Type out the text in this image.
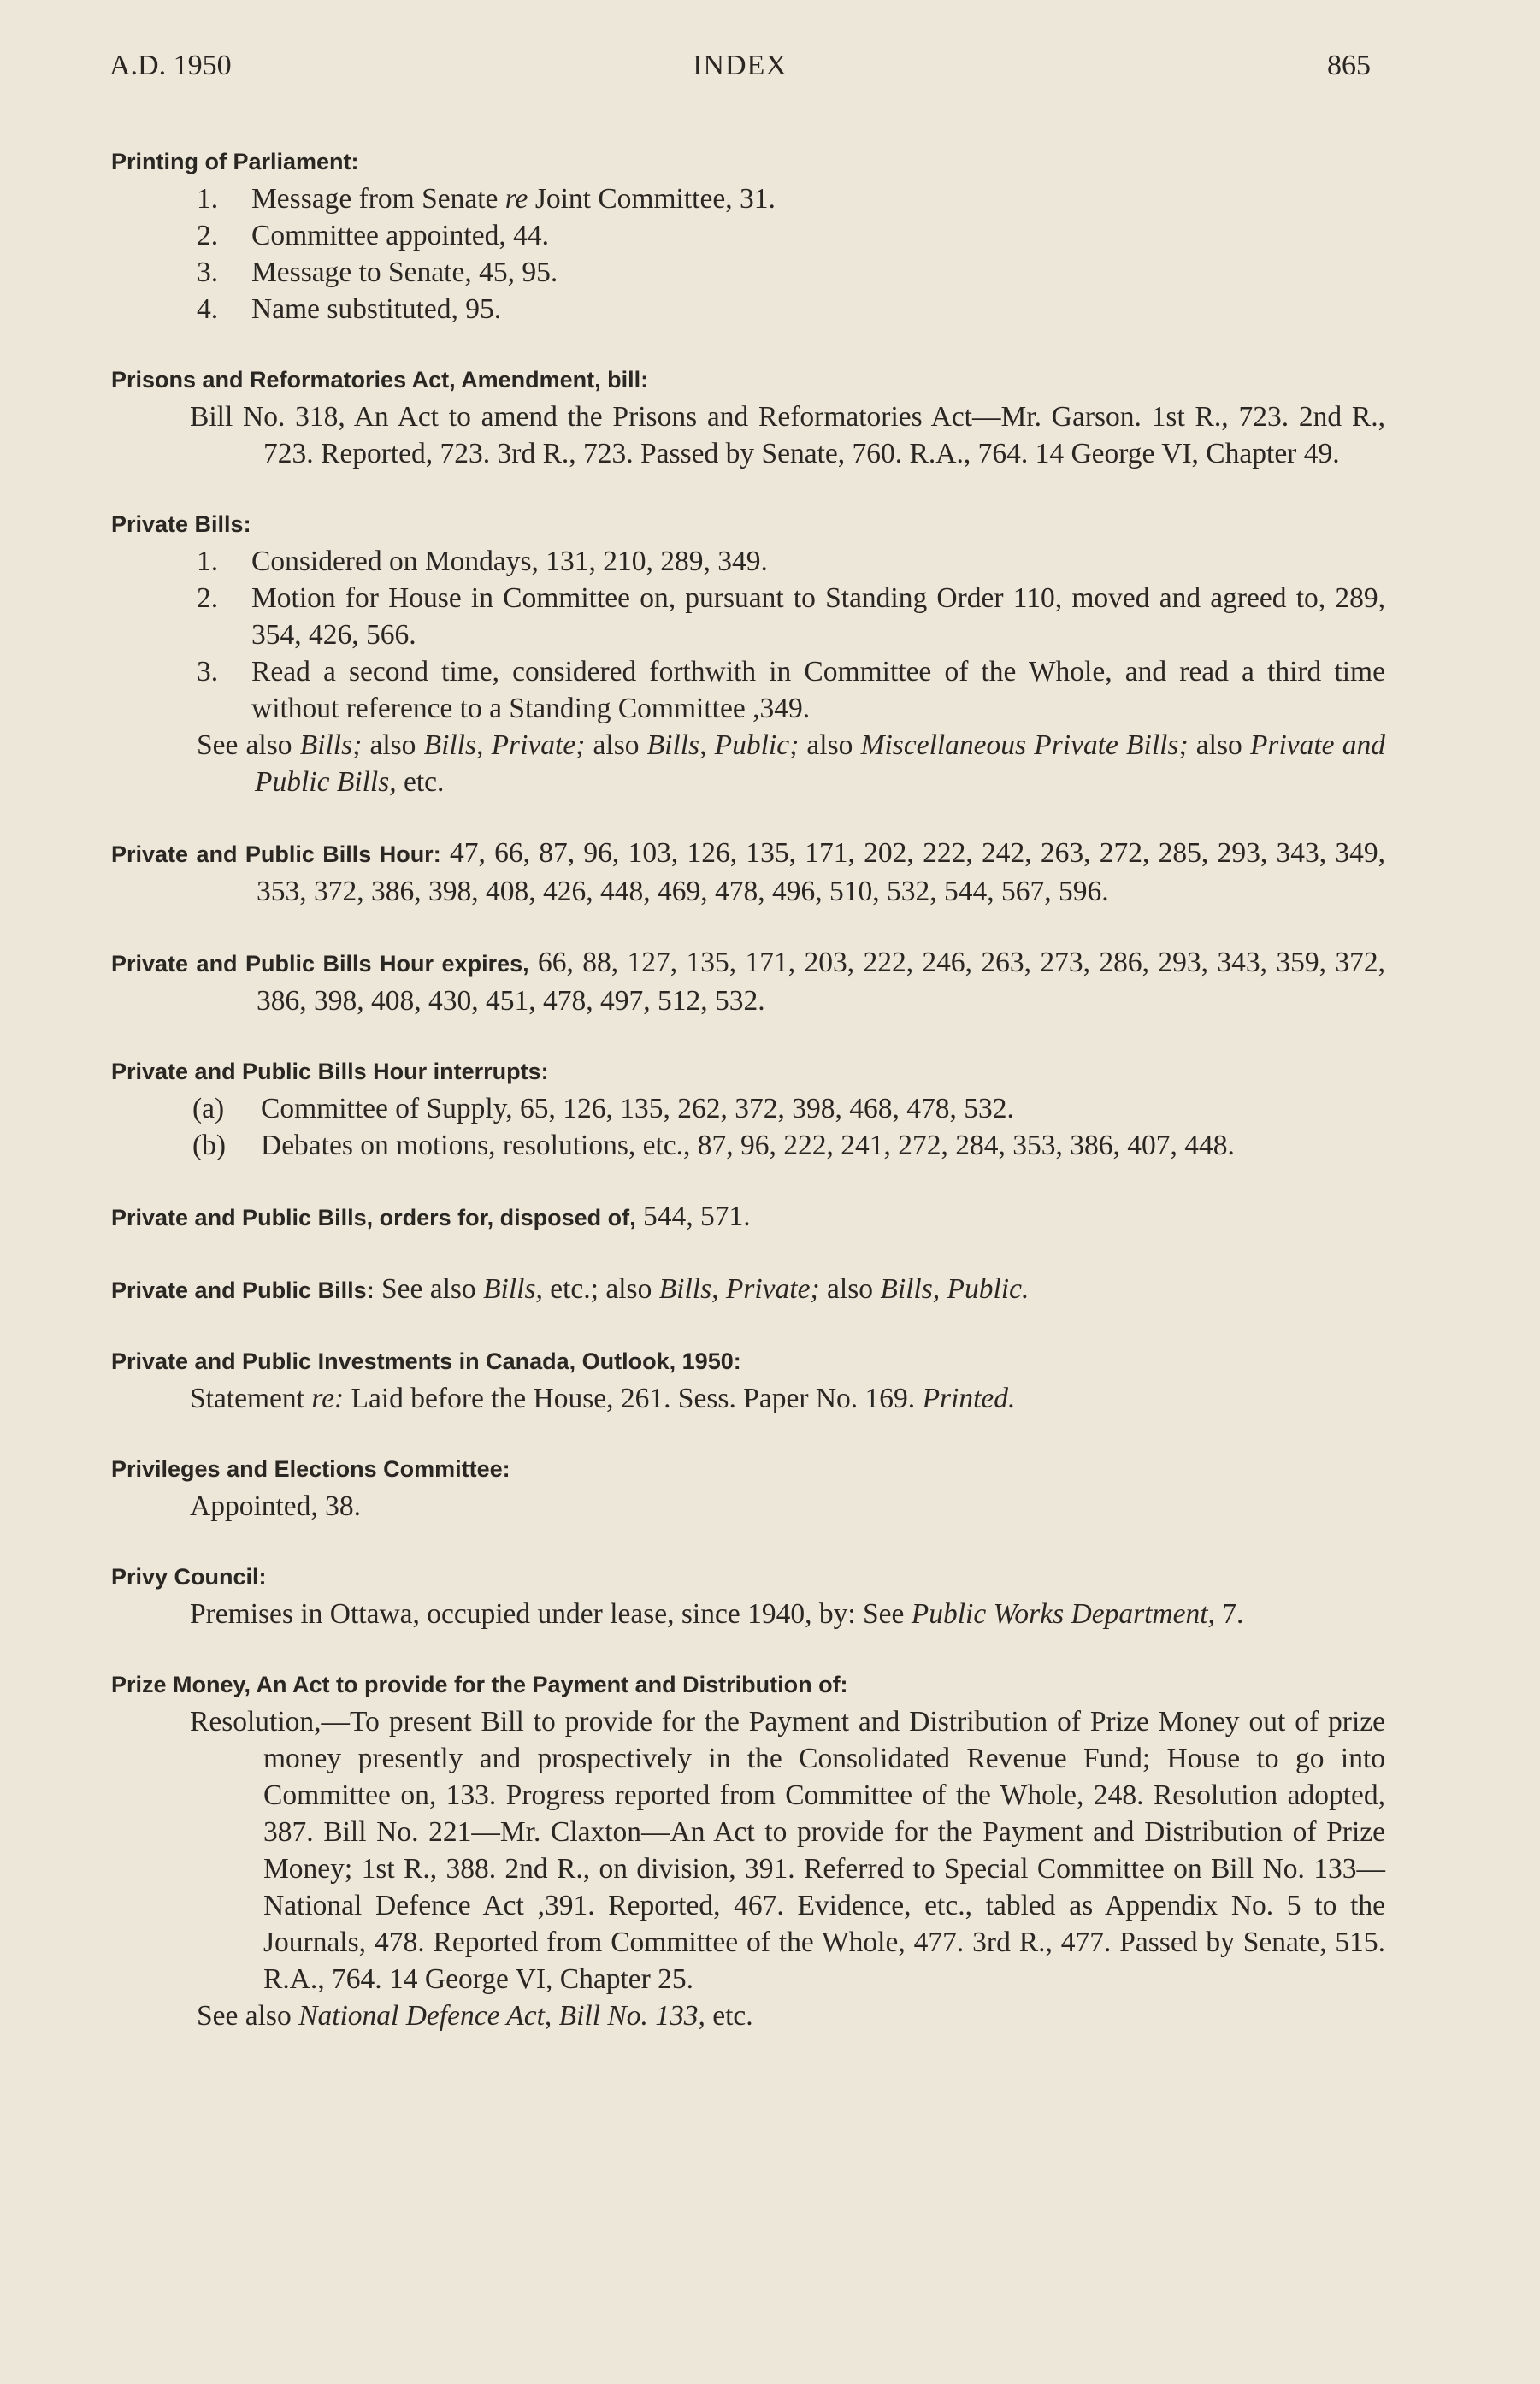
A.D. 1950	INDEX	865
Printing of Parliament:
1.	Message from Senate re Joint Committee, 31.
2.	Committee appointed, 44.
3.	Message to Senate, 45, 95.
4.	Name substituted, 95.
Prisons and Reformatories Act, Amendment, bill:
Bill No. 318, An Act to amend the Prisons and Reformatories Act—Mr. Garson. 1st R., 723. 2nd R., 723. Reported, 723. 3rd R., 723. Passed by Senate, 760. R.A., 764. 14 George VI, Chapter 49.
Private Bills:
1.	Considered on Mondays, 131, 210, 289, 349.
2.	Motion for House in Committee on, pursuant to Standing Order 110, moved and agreed to, 289, 354, 426, 566.
3.	Read a second time, considered forthwith in Committee of the Whole, and read a third time without reference to a Standing Committee ,349.
See also Bills; also Bills, Private; also Bills, Public; also Miscellaneous Private Bills; also Private and Public Bills, etc.
Private and Public Bills Hour: 47, 66, 87, 96, 103, 126, 135, 171, 202, 222, 242, 263, 272, 285, 293, 343, 349, 353, 372, 386, 398, 408, 426, 448, 469, 478, 496, 510, 532, 544, 567, 596.
Private and Public Bills Hour expires, 66, 88, 127, 135, 171, 203, 222, 246, 263, 273, 286, 293, 343, 359, 372, 386, 398, 408, 430, 451, 478, 497, 512, 532.
Private and Public Bills Hour interrupts:
(a)	Committee of Supply, 65, 126, 135, 262, 372, 398, 468, 478, 532.
(b)	Debates on motions, resolutions, etc., 87, 96, 222, 241, 272, 284, 353, 386, 407, 448.
Private and Public Bills, orders for, disposed of, 544, 571.
Private and Public Bills: See also Bills, etc.; also Bills, Private; also Bills, Public.
Private and Public Investments in Canada, Outlook, 1950:
Statement re: Laid before the House, 261. Sess. Paper No. 169. Printed.
Privileges and Elections Committee:
Appointed, 38.
Privy Council:
Premises in Ottawa, occupied under lease, since 1940, by: See Public Works Department, 7.
Prize Money, An Act to provide for the Payment and Distribution of:
Resolution,—To present Bill to provide for the Payment and Distribution of Prize Money out of prize money presently and prospectively in the Consolidated Revenue Fund; House to go into Committee on, 133. Progress reported from Committee of the Whole, 248. Resolution adopted, 387. Bill No. 221—Mr. Claxton—An Act to provide for the Payment and Distribution of Prize Money; 1st R., 388. 2nd R., on division, 391. Referred to Special Committee on Bill No. 133—National Defence Act ,391. Reported, 467. Evidence, etc., tabled as Appendix No. 5 to the Journals, 478. Reported from Committee of the Whole, 477. 3rd R., 477. Passed by Senate, 515. R.A., 764. 14 George VI, Chapter 25.
See also National Defence Act, Bill No. 133, etc.
